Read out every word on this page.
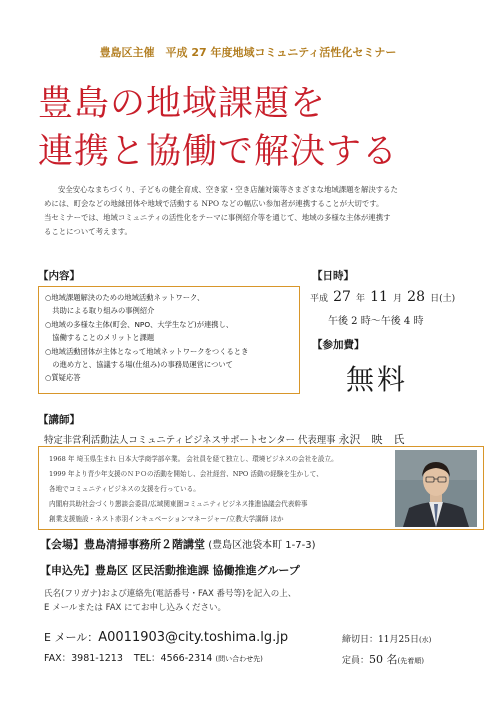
豊島区主催　平成 27 年度地域コミュニティ活性化セミナー
豊島の地域課題を
連携と協働で解決する

安全安心なまちづくり、子どもの健全育成、空き家・空き店舗対策等さまざまな地域課題を解決するた

めには、町会などの地縁団体や地域で活動する NPO などの幅広い参加者が連携することが大切です。

当セミナーでは、地域コミュニティの活性化をテーマに事例紹介等を通じて、地域の多様な主体が連携す

ることについて考えます。

【内容】
○地域課題解決のための地域活動ネットワーク、
　共助による取り組みの事例紹介
○地域の多様な主体(町会、NPO、大学生など)が連携し、
　協働することのメリットと課題
○地域活動団体が主体となって地域ネットワークをつくるとき
　の進め方と、協議する場(仕組み)の事務局運営について
○質疑応答
【日時】
平成 27 年 11 月 28 日(土)
午後 2 時〜午後 4 時
【参加費】
無料
【講師】
特定非営利活動法人コミュニティビジネスサポートセンター 代表理事 永沢　映　氏
1968 年 埼玉県生まれ 日本大学商学部卒業。 会社員を経て独立し、環境ビジネスの会社を設立。
1999 年より青少年支援のＮＰＯの活動を開始し、会社経営、NPO 活動の経験を生かして、
各地でコミュニティビジネスの支援を行っている。
内閣府共助社会づくり懇談会委員/広域関東圏コミュニティビジネス推進協議会代表幹事
創業支援施設・ネスト赤羽インキュベーションマネージャー/立教大学講師 ほか
【会場】豊島清掃事務所２階講堂 (豊島区池袋本町 1-7-3)
【申込先】豊島区 区民活動推進課 協働推進グループ
氏名(フリガナ)および連絡先(電話番号・FAX 番号等)を記入の上、
E メールまたは FAX にてお申し込みください。
E メール：A0011903@city.toshima.lg.jp
FAX：3981-1213 TEL：4566-2314 (問い合わせ先)
締切日：11月25日(水)
定員：50 名(先着順)
